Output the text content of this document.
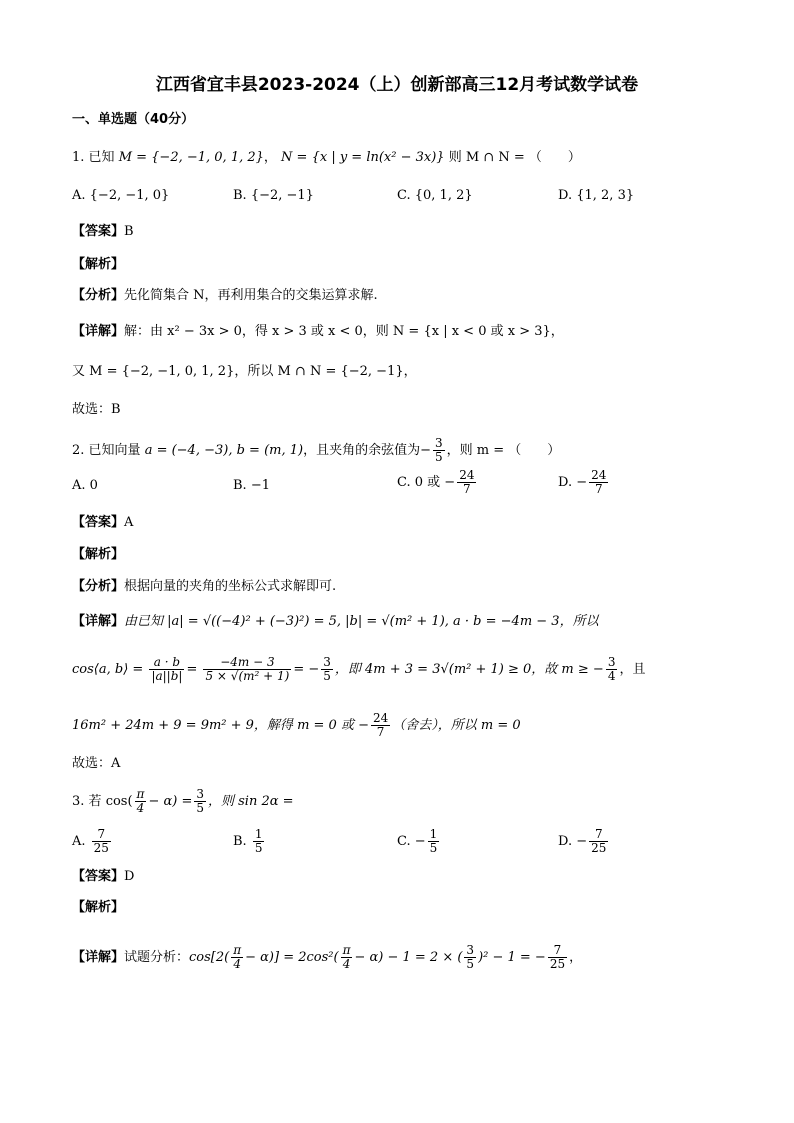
江西省宜丰县2023-2024（上）创新部高三12月考试数学试卷
一、单选题（40分）
1. 已知 M = {−2, −1, 0, 1, 2}， N = {x | y = ln(x² − 3x)} 则 M ∩ N = （　　）
A. {−2, −1, 0}	B. {−2, −1}	C. {0, 1, 2}	D. {1, 2, 3}
【答案】B
【解析】
【分析】先化简集合 N，再利用集合的交集运算求解.
【详解】解：由 x² − 3x > 0，得 x > 3 或 x < 0，则 N = {x | x < 0 或 x > 3}，
又 M = {−2, −1, 0, 1, 2}，所以 M ∩ N = {−2, −1}，
故选：B
2. 已知向量 a = (−4, −3), b = (m, 1)，且夹角的余弦值为− $\frac{3}{5}$ ，则 m = （　　）
A. 0	B. −1	C. 0 或 − $\frac{24}{7}$	D. − $\frac{24}{7}$
【答案】A
【解析】
【分析】根据向量的夹角的坐标公式求解即可.
【详解】由已知 |a| = √((−4)² + (−3)²) = 5, |b| = √(m² + 1), a · b = −4m − 3，所以
cos⟨a, b⟩ = $\frac{a \cdot b}{|a||b|} = \frac{-4m - 3}{\text{5 × √(m² + 1)}}$ = − $\frac{3}{5}$ ，即 4m + 3 = 3√(m² + 1) ≥ 0，故 m ≥ − $\frac{3}{4}$ ，且
16m² + 24m + 9 = 9m² + 9，解得 m = 0 或 − $\frac{24}{7}$ （舍去），所以 m = 0
故选：A
3. 若 $\cos( \frac{\pi}{4} - \alpha) = \frac{3}{5}$ ，则 sin 2α =
A. $\frac{7}{25}$	B. $\frac{1}{5}$	C. − $\frac{1}{5}$	D. − $\frac{7}{25}$
【答案】D
【解析】
【详解】试题分析：$\cos[2( \frac{\pi}{4} - \alpha)] = 2\cos^2( \frac{\pi}{4} - \alpha) - 1 = 2$ × ( $\frac{3}{5} )^2 - 1$ = − $\frac{7}{25}$ ，
